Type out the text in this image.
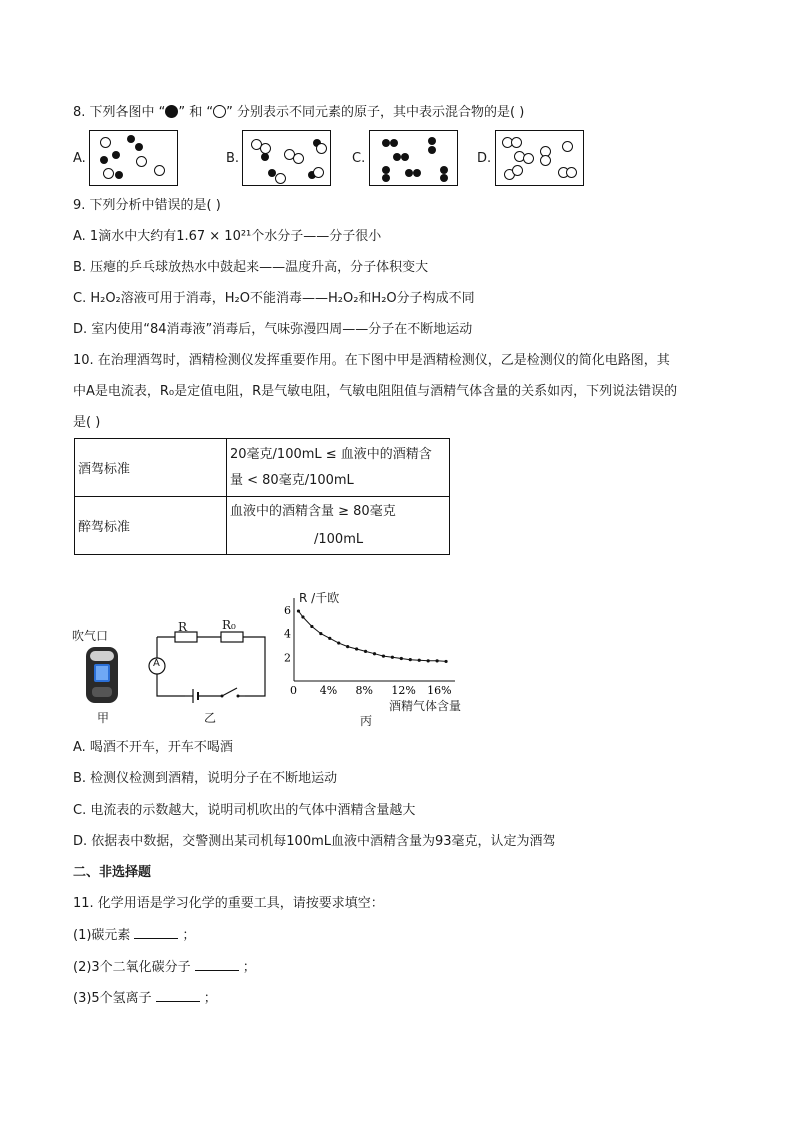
8. 下列各图中 “ ” 和 “ ” 分别表示不同元素的原子，其中表示混合物的是( )
A.	B.	C.	D.
9. 下列分析中错误的是( )
A. 1滴水中大约有1.67 × 10²¹个水分子——分子很小
B. 压瘪的乒乓球放热水中鼓起来——温度升高，分子体积变大
C. H₂O₂溶液可用于消毒，H₂O不能消毒——H₂O₂和H₂O分子构成不同
D. 室内使用“84消毒液”消毒后，气味弥漫四周——分子在不断地运动
10. 在治理酒驾时，酒精检测仪发挥重要作用。在下图中甲是酒精检测仪，乙是检测仪的简化电路图，其
中A是电流表，R₀是定值电阻，R是气敏电阻，气敏电阻阻值与酒精气体含量的关系如丙，下列说法错误的
是( )
酒驾标准	20毫克/100mL ≤ 血液中的酒精含
量 < 80毫克/100mL

醉驾标准	血液中的酒精含量 ≥ 80毫克
/100mL
吹气口
甲
R	R₀
A
乙
6
4
2
0 4% 8% 12% 16%
R /千欧
酒精气体含量
丙
A. 喝酒不开车，开车不喝酒
B. 检测仪检测到酒精，说明分子在不断地运动
C. 电流表的示数越大，说明司机吹出的气体中酒精含量越大
D. 依据表中数据，交警测出某司机每100mL血液中酒精含量为93毫克，认定为酒驾
二、非选择题
11. 化学用语是学习化学的重要工具，请按要求填空：
(1)碳元素	；
(2)3个二氧化碳分子	；
(3)5个氢离子	；
